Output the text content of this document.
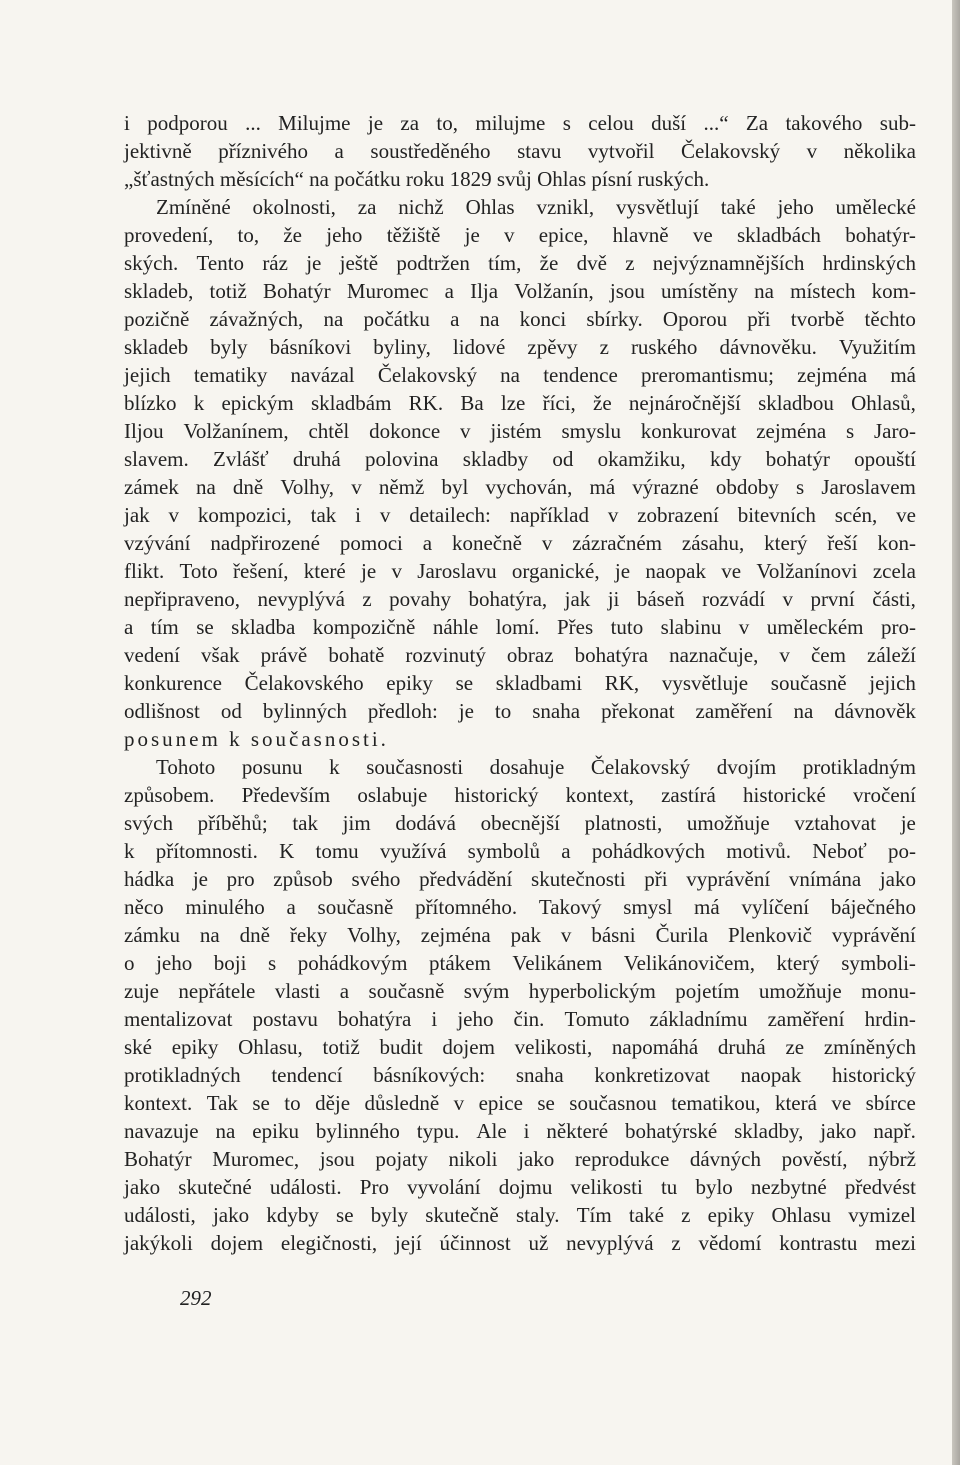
i podporou ... Milujme je za to, milujme s celou duší ...“ Za takového sub-
jektivně příznivého a soustředěného stavu vytvořil Čelakovský v několika
„šťastných měsících“ na počátku roku 1829 svůj Ohlas písní ruských.
Zmíněné okolnosti, za nichž Ohlas vznikl, vysvětlují také jeho umělecké
provedení, to, že jeho těžiště je v epice, hlavně ve skladbách bohatýr-
ských. Tento ráz je ještě podtržen tím, že dvě z nejvýznamnějších hrdinských
skladeb, totiž Bohatýr Muromec a Ilja Volžanín, jsou umístěny na místech kom-
pozičně závažných, na počátku a na konci sbírky. Oporou při tvorbě těchto
skladeb byly básníkovi byliny, lidové zpěvy z ruského dávnověku. Využitím
jejich tematiky navázal Čelakovský na tendence preromantismu; zejména má
blízko k epickým skladbám RK. Ba lze říci, že nejnáročnější skladbou Ohlasů,
Iljou Volžanínem, chtěl dokonce v jistém smyslu konkurovat zejména s Jaro-
slavem. Zvlášť druhá polovina skladby od okamžiku, kdy bohatýr opouští
zámek na dně Volhy, v němž byl vychován, má výrazné obdoby s Jaroslavem
jak v kompozici, tak i v detailech: například v zobrazení bitevních scén, ve
vzývání nadpřirozené pomoci a konečně v zázračném zásahu, který řeší kon-
flikt. Toto řešení, které je v Jaroslavu organické, je naopak ve Volžanínovi zcela
nepřipraveno, nevyplývá z povahy bohatýra, jak ji báseň rozvádí v první části,
a tím se skladba kompozičně náhle lomí. Přes tuto slabinu v uměleckém pro-
vedení však právě bohatě rozvinutý obraz bohatýra naznačuje, v čem záleží
konkurence Čelakovského epiky se skladbami RK, vysvětluje současně jejich
odlišnost od bylinných předloh: je to snaha překonat zaměření na dávnověk
posunem k současnosti.
Tohoto posunu k současnosti dosahuje Čelakovský dvojím protikladným
způsobem. Především oslabuje historický kontext, zastírá historické vročení
svých příběhů; tak jim dodává obecnější platnosti, umožňuje vztahovat je
k přítomnosti. K tomu využívá symbolů a pohádkových motivů. Neboť po-
hádka je pro způsob svého předvádění skutečnosti při vyprávění vnímána jako
něco minulého a současně přítomného. Takový smysl má vylíčení báječného
zámku na dně řeky Volhy, zejména pak v básni Čurila Plenkovič vyprávění
o jeho boji s pohádkovým ptákem Velikánem Velikánovičem, který symboli-
zuje nepřátele vlasti a současně svým hyperbolickým pojetím umožňuje monu-
mentalizovat postavu bohatýra i jeho čin. Tomuto základnímu zaměření hrdin-
ské epiky Ohlasu, totiž budit dojem velikosti, napomáhá druhá ze zmíněných
protikladných tendencí básníkových: snaha konkretizovat naopak historický
kontext. Tak se to děje důsledně v epice se současnou tematikou, která ve sbírce
navazuje na epiku bylinného typu. Ale i některé bohatýrské skladby, jako např.
Bohatýr Muromec, jsou pojaty nikoli jako reprodukce dávných pověstí, nýbrž
jako skutečné události. Pro vyvolání dojmu velikosti tu bylo nezbytné předvést
události, jako kdyby se byly skutečně staly. Tím také z epiky Ohlasu vymizel
jakýkoli dojem elegičnosti, její účinnost už nevyplývá z vědomí kontrastu mezi
292
